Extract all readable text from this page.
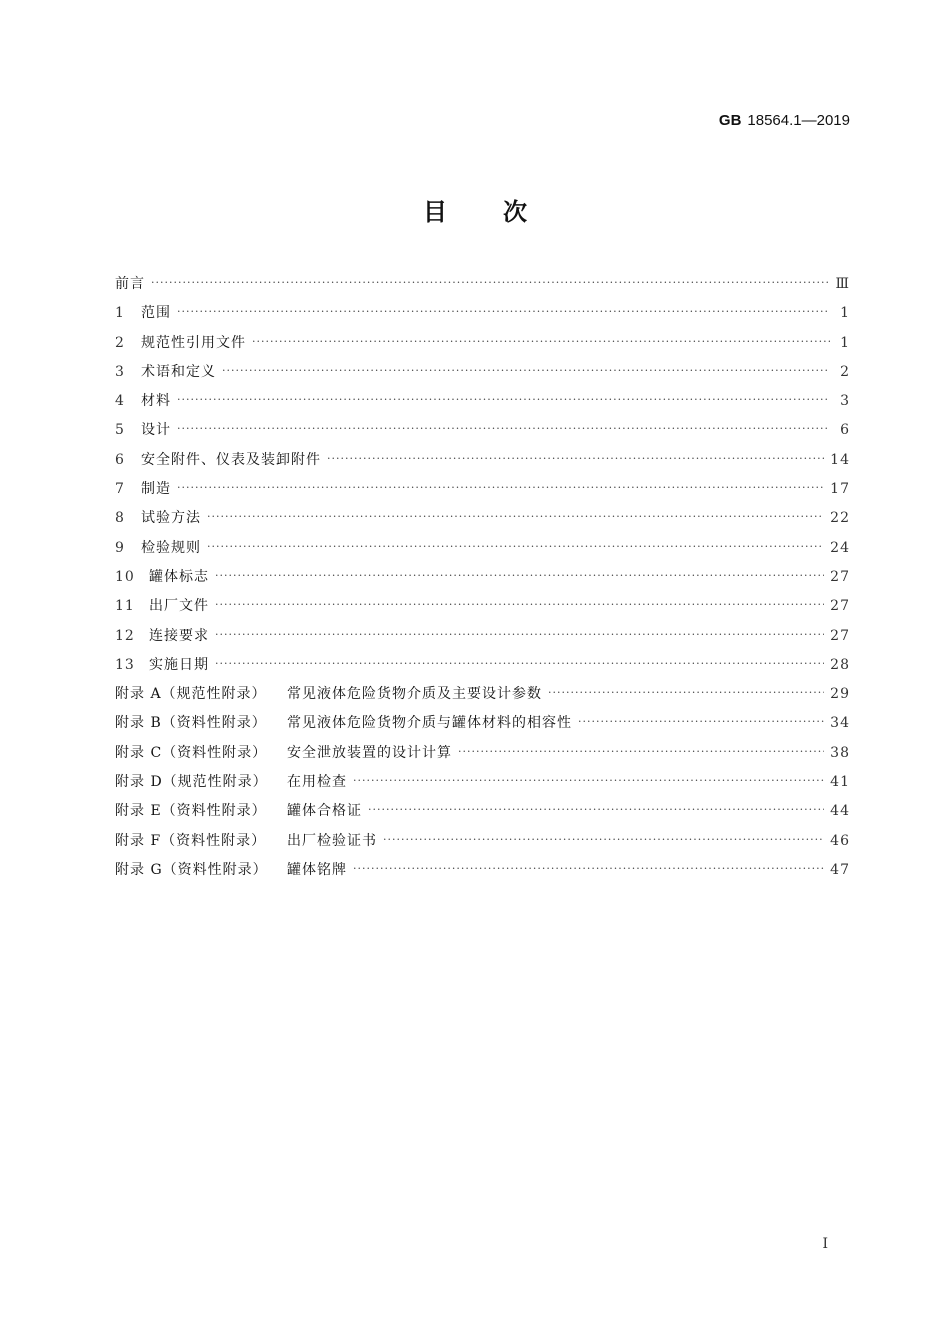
GB 18564.1—2019
目次
前言 ·····	Ⅲ
1	范围 ·····	1
2	规范性引用文件 ·····	1
3	术语和定义 ·····	2
4	材料 ·····	3
5	设计 ·····	6
6	安全附件、仪表及装卸附件 ·····	14
7	制造 ·····	17
8	试验方法 ·····	22
9	检验规则 ·····	24
10	罐体标志 ·····	27
11	出厂文件 ·····	27
12	连接要求 ·····	27
13	实施日期 ·····	28
附录 A（规范性附录）	常见液体危险货物介质及主要设计参数 ·····	29
附录 B（资料性附录）	常见液体危险货物介质与罐体材料的相容性 ·····	34
附录 C（资料性附录）	安全泄放装置的设计计算 ·····	38
附录 D（规范性附录）	在用检查 ·····	41
附录 E（资料性附录）	罐体合格证 ·····	44
附录 F（资料性附录）	出厂检验证书 ·····	46
附录 G（资料性附录）	罐体铭牌 ·····	47
I
